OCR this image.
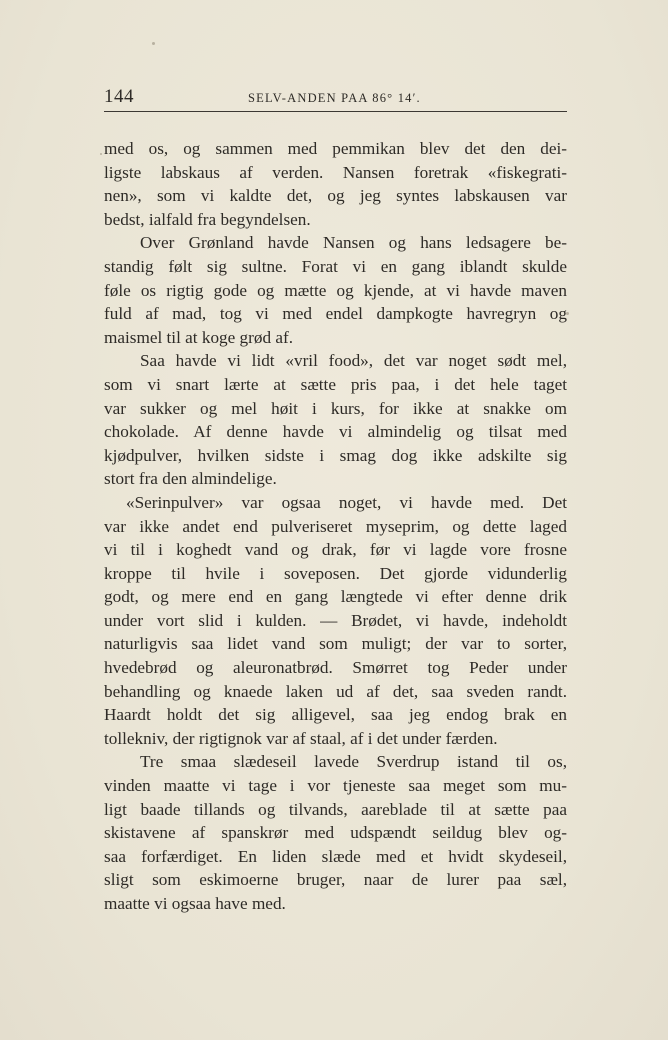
144	SELV-ANDEN PAA 86° 14′.
med os, og sammen med pemmikan blev det den dei-
ligste labskaus af verden. Nansen foretrak «fiskegrati-
nen», som vi kaldte det, og jeg syntes labskausen var
bedst, ialfald fra begyndelsen.
Over Grønland havde Nansen og hans ledsagere be-
standig følt sig sultne. Forat vi en gang iblandt skulde
føle os rigtig gode og mætte og kjende, at vi havde maven
fuld af mad, tog vi med endel dampkogte havregryn og
maismel til at koge grød af.
Saa havde vi lidt «vril food», det var noget sødt mel,
som vi snart lærte at sætte pris paa, i det hele taget
var sukker og mel høit i kurs, for ikke at snakke om
chokolade. Af denne havde vi almindelig og tilsat med
kjødpulver, hvilken sidste i smag dog ikke adskilte sig
stort fra den almindelige.
«Serinpulver» var ogsaa noget, vi havde med. Det
var ikke andet end pulveriseret myseprim, og dette laged
vi til i koghedt vand og drak, før vi lagde vore frosne
kroppe til hvile i soveposen. Det gjorde vidunderlig
godt, og mere end en gang længtede vi efter denne drik
under vort slid i kulden. — Brødet, vi havde, indeholdt
naturligvis saa lidet vand som muligt; der var to sorter,
hvedebrød og aleuronatbrød. Smørret tog Peder under
behandling og knaede laken ud af det, saa sveden randt.
Haardt holdt det sig alligevel, saa jeg endog brak en
tollekniv, der rigtignok var af staal, af i det under færden.
Tre smaa slædeseil lavede Sverdrup istand til os,
vinden maatte vi tage i vor tjeneste saa meget som mu-
ligt baade tillands og tilvands, aareblade til at sætte paa
skistavene af spanskrør med udspændt seildug blev og-
saa forfærdiget. En liden slæde med et hvidt skydeseil,
sligt som eskimoerne bruger, naar de lurer paa sæl,
maatte vi ogsaa have med.
